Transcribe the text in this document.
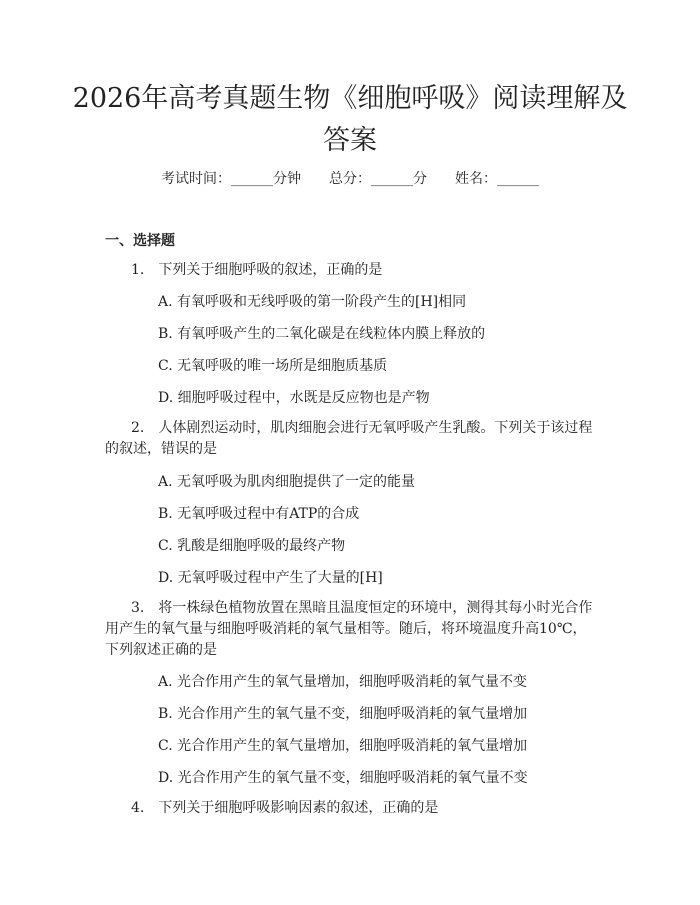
2026年高考真题生物《细胞呼吸》阅读理解及答案
考试时间：______分钟　　 总分：______分　　 姓名：______
一、选择题

1.　下列关于细胞呼吸的叙述，正确的是

A. 有氧呼吸和无线呼吸的第一阶段产生的[H]相同
B. 有氧呼吸产生的二氧化碳是在线粒体内膜上释放的
C. 无氧呼吸的唯一场所是细胞质基质
D. 细胞呼吸过程中，水既是反应物也是产物

2.　人体剧烈运动时，肌肉细胞会进行无氧呼吸产生乳酸。下列关于该过程的叙述，错误的是

A. 无氧呼吸为肌肉细胞提供了一定的能量
B. 无氧呼吸过程中有ATP的合成
C. 乳酸是细胞呼吸的最终产物
D. 无氧呼吸过程中产生了大量的[H]

3.　将一株绿色植物放置在黑暗且温度恒定的环境中，测得其每小时光合作用产生的氧气量与细胞呼吸消耗的氧气量相等。随后，将环境温度升高10℃，下列叙述正确的是

A. 光合作用产生的氧气量增加，细胞呼吸消耗的氧气量不变
B. 光合作用产生的氧气量不变，细胞呼吸消耗的氧气量增加
C. 光合作用产生的氧气量增加，细胞呼吸消耗的氧气量增加
D. 光合作用产生的氧气量不变，细胞呼吸消耗的氧气量不变

4.　下列关于细胞呼吸影响因素的叙述，正确的是
